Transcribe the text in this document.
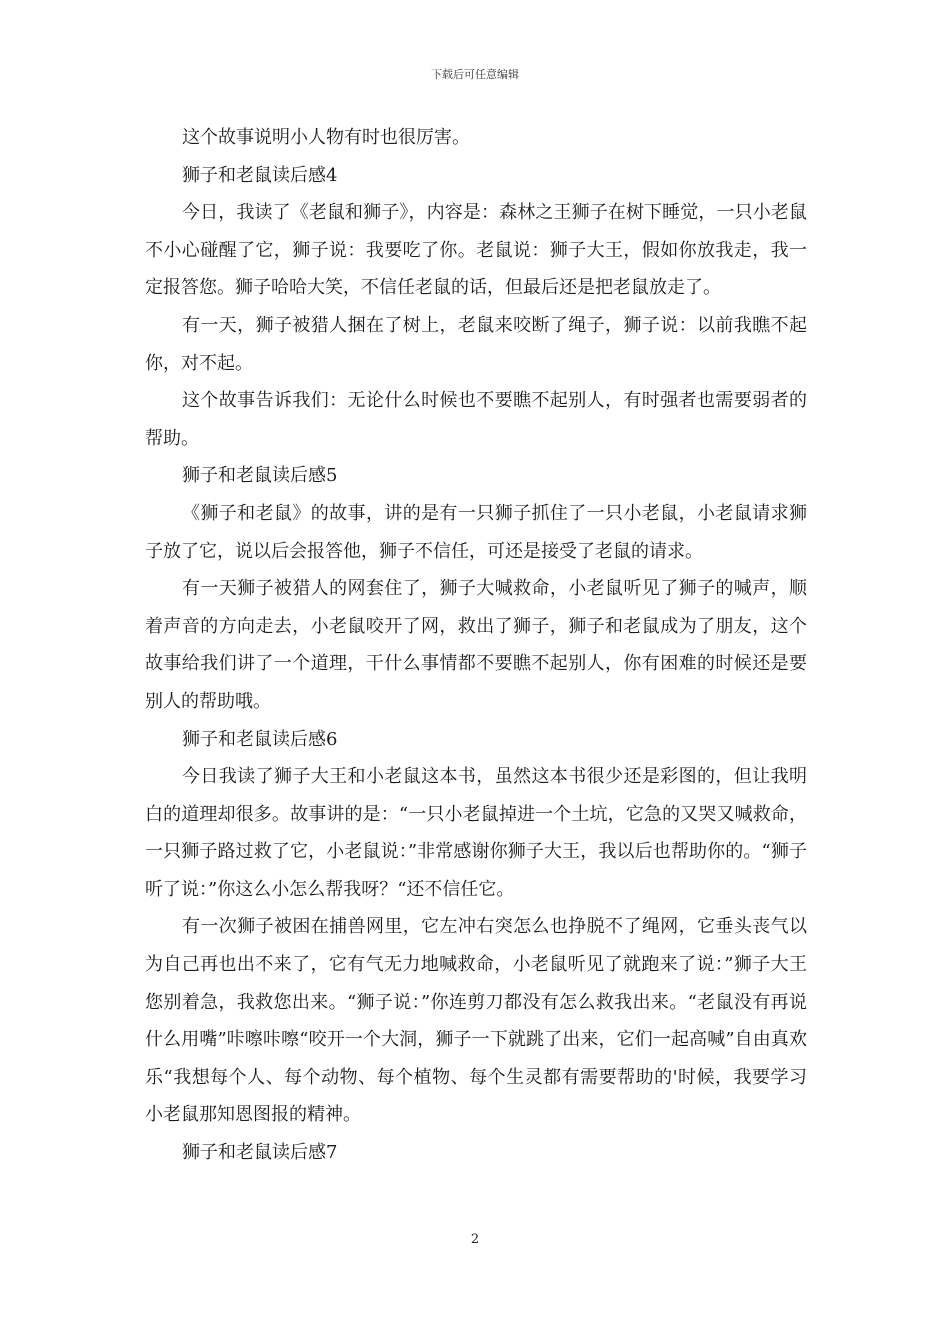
下载后可任意编辑

这个故事说明小人物有时也很厉害。

狮子和老鼠读后感4

今日，我读了《老鼠和狮子》，内容是：森林之王狮子在树下睡觉，一只小老鼠不小心碰醒了它，狮子说：我要吃了你。老鼠说：狮子大王，假如你放我走，我一定报答您。狮子哈哈大笑，不信任老鼠的话，但最后还是把老鼠放走了。

有一天，狮子被猎人捆在了树上，老鼠来咬断了绳子，狮子说：以前我瞧不起你，对不起。

这个故事告诉我们：无论什么时候也不要瞧不起别人，有时强者也需要弱者的帮助。

狮子和老鼠读后感5

《狮子和老鼠》的故事，讲的是有一只狮子抓住了一只小老鼠，小老鼠请求狮子放了它，说以后会报答他，狮子不信任，可还是接受了老鼠的请求。

有一天狮子被猎人的网套住了，狮子大喊救命，小老鼠听见了狮子的喊声，顺着声音的方向走去，小老鼠咬开了网，救出了狮子，狮子和老鼠成为了朋友，这个故事给我们讲了一个道理，干什么事情都不要瞧不起别人，你有困难的时候还是要别人的帮助哦。

狮子和老鼠读后感6

今日我读了狮子大王和小老鼠这本书，虽然这本书很少还是彩图的，但让我明白的道理却很多。故事讲的是：“一只小老鼠掉进一个土坑，它急的又哭又喊救命，一只狮子路过救了它，小老鼠说：”非常感谢你狮子大王，我以后也帮助你的。“狮子听了说：”你这么小怎么帮我呀？“还不信任它。

有一次狮子被困在捕兽网里，它左冲右突怎么也挣脱不了绳网，它垂头丧气以为自己再也出不来了，它有气无力地喊救命，小老鼠听见了就跑来了说：”狮子大王您别着急，我救您出来。“狮子说：”你连剪刀都没有怎么救我出来。“老鼠没有再说什么用嘴”咔嚓咔嚓“咬开一个大洞，狮子一下就跳了出来，它们一起高喊”自由真欢乐“我想每个人、每个动物、每个植物、每个生灵都有需要帮助的'时候，我要学习小老鼠那知恩图报的精神。

狮子和老鼠读后感7

2
